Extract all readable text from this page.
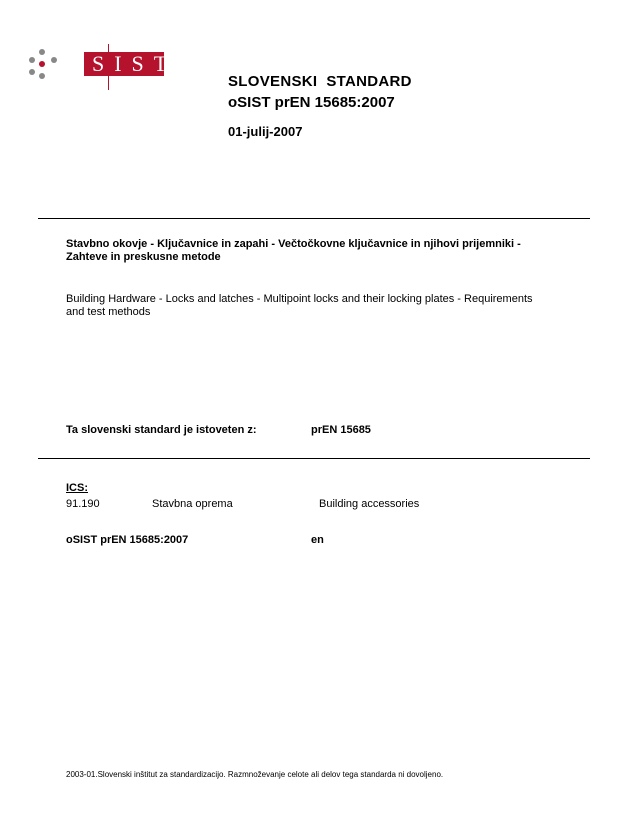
SIST
SLOVENSKI  STANDARD
oSIST prEN 15685:2007
01-julij-2007
Stavbno okovje - Ključavnice in zapahi - Večtočkovne ključavnice in njihovi prijemniki - Zahteve in preskusne metode
Building Hardware - Locks and latches - Multipoint locks and their locking plates - Requirements and test methods
Ta slovenski standard je istoveten z:	prEN 15685
ICS:
91.190	Stavbna oprema	Building accessories
oSIST prEN 15685:2007	en
2003-01.Slovenski inštitut za standardizacijo. Razmnoževanje celote ali delov tega standarda ni dovoljeno.
